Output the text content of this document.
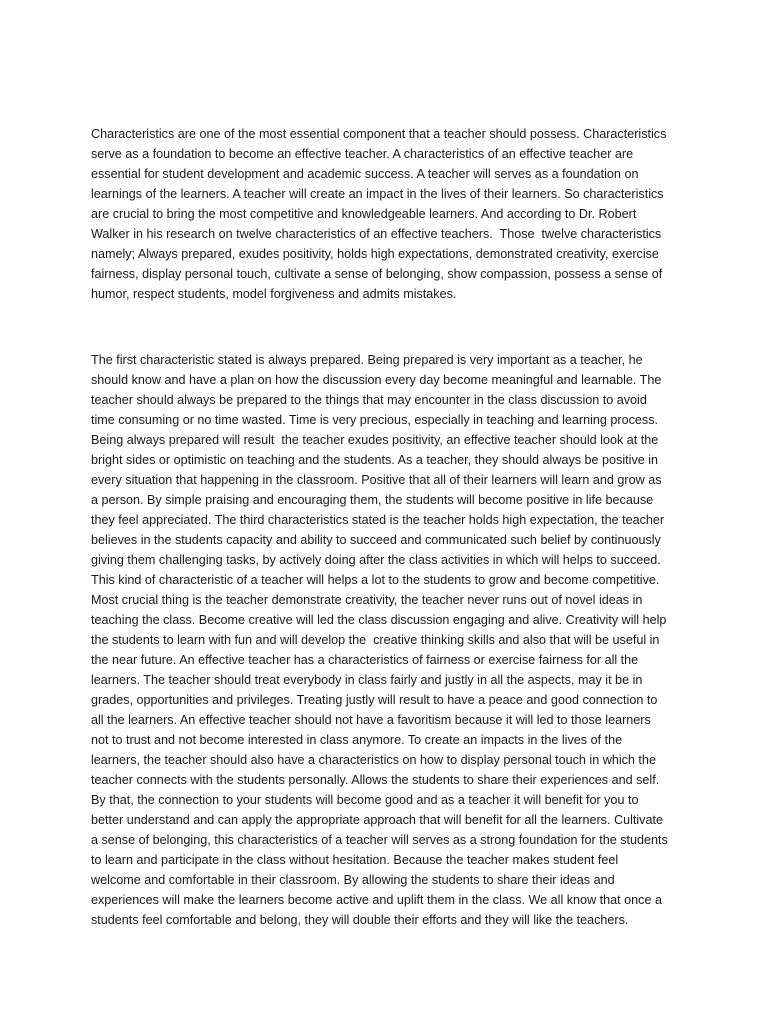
Characteristics are one of the most essential component that a teacher should possess. Characteristics
serve as a foundation to become an effective teacher. A characteristics of an effective teacher are
essential for student development and academic success. A teacher will serves as a foundation on
learnings of the learners. A teacher will create an impact in the lives of their learners. So characteristics
are crucial to bring the most competitive and knowledgeable learners. And according to Dr. Robert
Walker in his research on twelve characteristics of an effective teachers.  Those  twelve characteristics
namely; Always prepared, exudes positivity, holds high expectations, demonstrated creativity, exercise
fairness, display personal touch, cultivate a sense of belonging, show compassion, possess a sense of
humor, respect students, model forgiveness and admits mistakes.

The first characteristic stated is always prepared. Being prepared is very important as a teacher, he
should know and have a plan on how the discussion every day become meaningful and learnable. The
teacher should always be prepared to the things that may encounter in the class discussion to avoid
time consuming or no time wasted. Time is very precious, especially in teaching and learning process.
Being always prepared will result  the teacher exudes positivity, an effective teacher should look at the
bright sides or optimistic on teaching and the students. As a teacher, they should always be positive in
every situation that happening in the classroom. Positive that all of their learners will learn and grow as
a person. By simple praising and encouraging them, the students will become positive in life because
they feel appreciated. The third characteristics stated is the teacher holds high expectation, the teacher
believes in the students capacity and ability to succeed and communicated such belief by continuously
giving them challenging tasks, by actively doing after the class activities in which will helps to succeed.
This kind of characteristic of a teacher will helps a lot to the students to grow and become competitive.
Most crucial thing is the teacher demonstrate creativity, the teacher never runs out of novel ideas in
teaching the class. Become creative will led the class discussion engaging and alive. Creativity will help
the students to learn with fun and will develop the  creative thinking skills and also that will be useful in
the near future. An effective teacher has a characteristics of fairness or exercise fairness for all the
learners. The teacher should treat everybody in class fairly and justly in all the aspects, may it be in
grades, opportunities and privileges. Treating justly will result to have a peace and good connection to
all the learners. An effective teacher should not have a favoritism because it will led to those learners
not to trust and not become interested in class anymore. To create an impacts in the lives of the
learners, the teacher should also have a characteristics on how to display personal touch in which the
teacher connects with the students personally. Allows the students to share their experiences and self.
By that, the connection to your students will become good and as a teacher it will benefit for you to
better understand and can apply the appropriate approach that will benefit for all the learners. Cultivate
a sense of belonging, this characteristics of a teacher will serves as a strong foundation for the students
to learn and participate in the class without hesitation. Because the teacher makes student feel
welcome and comfortable in their classroom. By allowing the students to share their ideas and
experiences will make the learners become active and uplift them in the class. We all know that once a
students feel comfortable and belong, they will double their efforts and they will like the teachers.
